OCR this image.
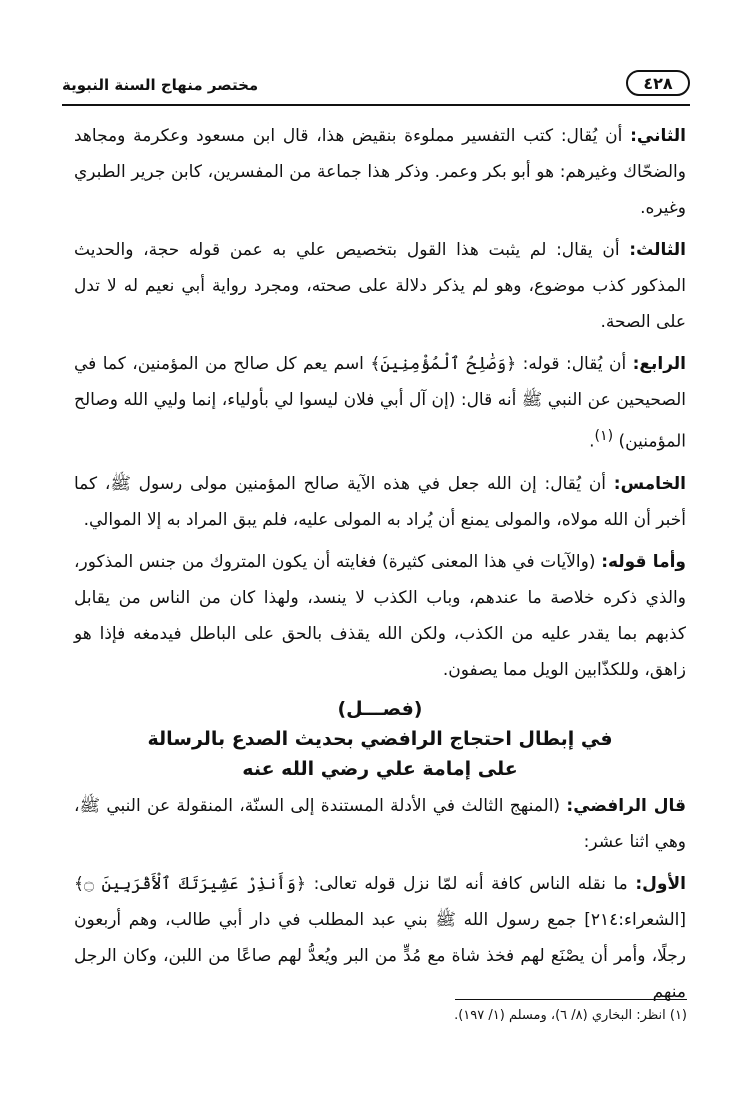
مختصر منهاج السنة النبوية	٤٢٨

الثاني: أن يُقال: كتب التفسير مملوءة بنقيض هذا، قال ابن مسعود وعكرمة ومجاهد والضحّاك وغيرهم: هو أبو بكر وعمر. وذكر هذا جماعة من المفسرين، كابن جرير الطبري وغيره.

الثالث: أن يقال: لم يثبت هذا القول بتخصيص علي به عمن قوله حجة، والحديث المذكور كذب موضوع، وهو لم يذكر دلالة على صحته، ومجرد رواية أبي نعيم له لا تدل على الصحة.

الرابع: أن يُقال: قوله: ﴿وَصَٰلِحُ ٱلْمُؤْمِنِينَ﴾ اسم يعم كل صالح من المؤمنين، كما في الصحيحين عن النبي ﷺ أنه قال: (إن آل أبي فلان ليسوا لي بأولياء، إنما وليي الله وصالح المؤمنين) $^{(١)}$.

الخامس: أن يُقال: إن الله جعل في هذه الآية صالح المؤمنين مولى رسول ﷺ، كما أخبر أن الله مولاه، والمولى يمنع أن يُراد به المولى عليه، فلم يبق المراد به إلا الموالي.

وأما قوله: (والآيات في هذا المعنى كثيرة) فغايته أن يكون المتروك من جنس المذكور، والذي ذكره خلاصة ما عندهم، وباب الكذب لا ينسد، ولهذا كان من الناس من يقابل كذبهم بما يقدر عليه من الكذب، ولكن الله يقذف بالحق على الباطل فيدمغه فإذا هو زاهق، وللكذّابين الويل مما يصفون.

(فصـــل)
في إبطال احتجاج الرافضي بحديث الصدع بالرسالة
على إمامة علي رضي الله عنه

قال الرافضي: (المنهج الثالث في الأدلة المستندة إلى السنّة، المنقولة عن النبي ﷺ، وهي اثنا عشر:

الأول: ما نقله الناس كافة أنه لمّا نزل قوله تعالى: ﴿وَأَنذِرْ عَشِيرَتَكَ ٱلْأَقْرَبِينَ ۝﴾ [الشعراء:٢١٤] جمع رسول الله ﷺ بني عبد المطلب في دار أبي طالب، وهم أربعون رجلًا، وأمر أن يصْنَع لهم فخذ شاة مع مُدٍّ من البر ويُعدُّ لهم صاعًا من اللبن، وكان الرجل منهم

(١) انظر: البخاري (٨/ ٦)، ومسلم (١/ ١٩٧).
